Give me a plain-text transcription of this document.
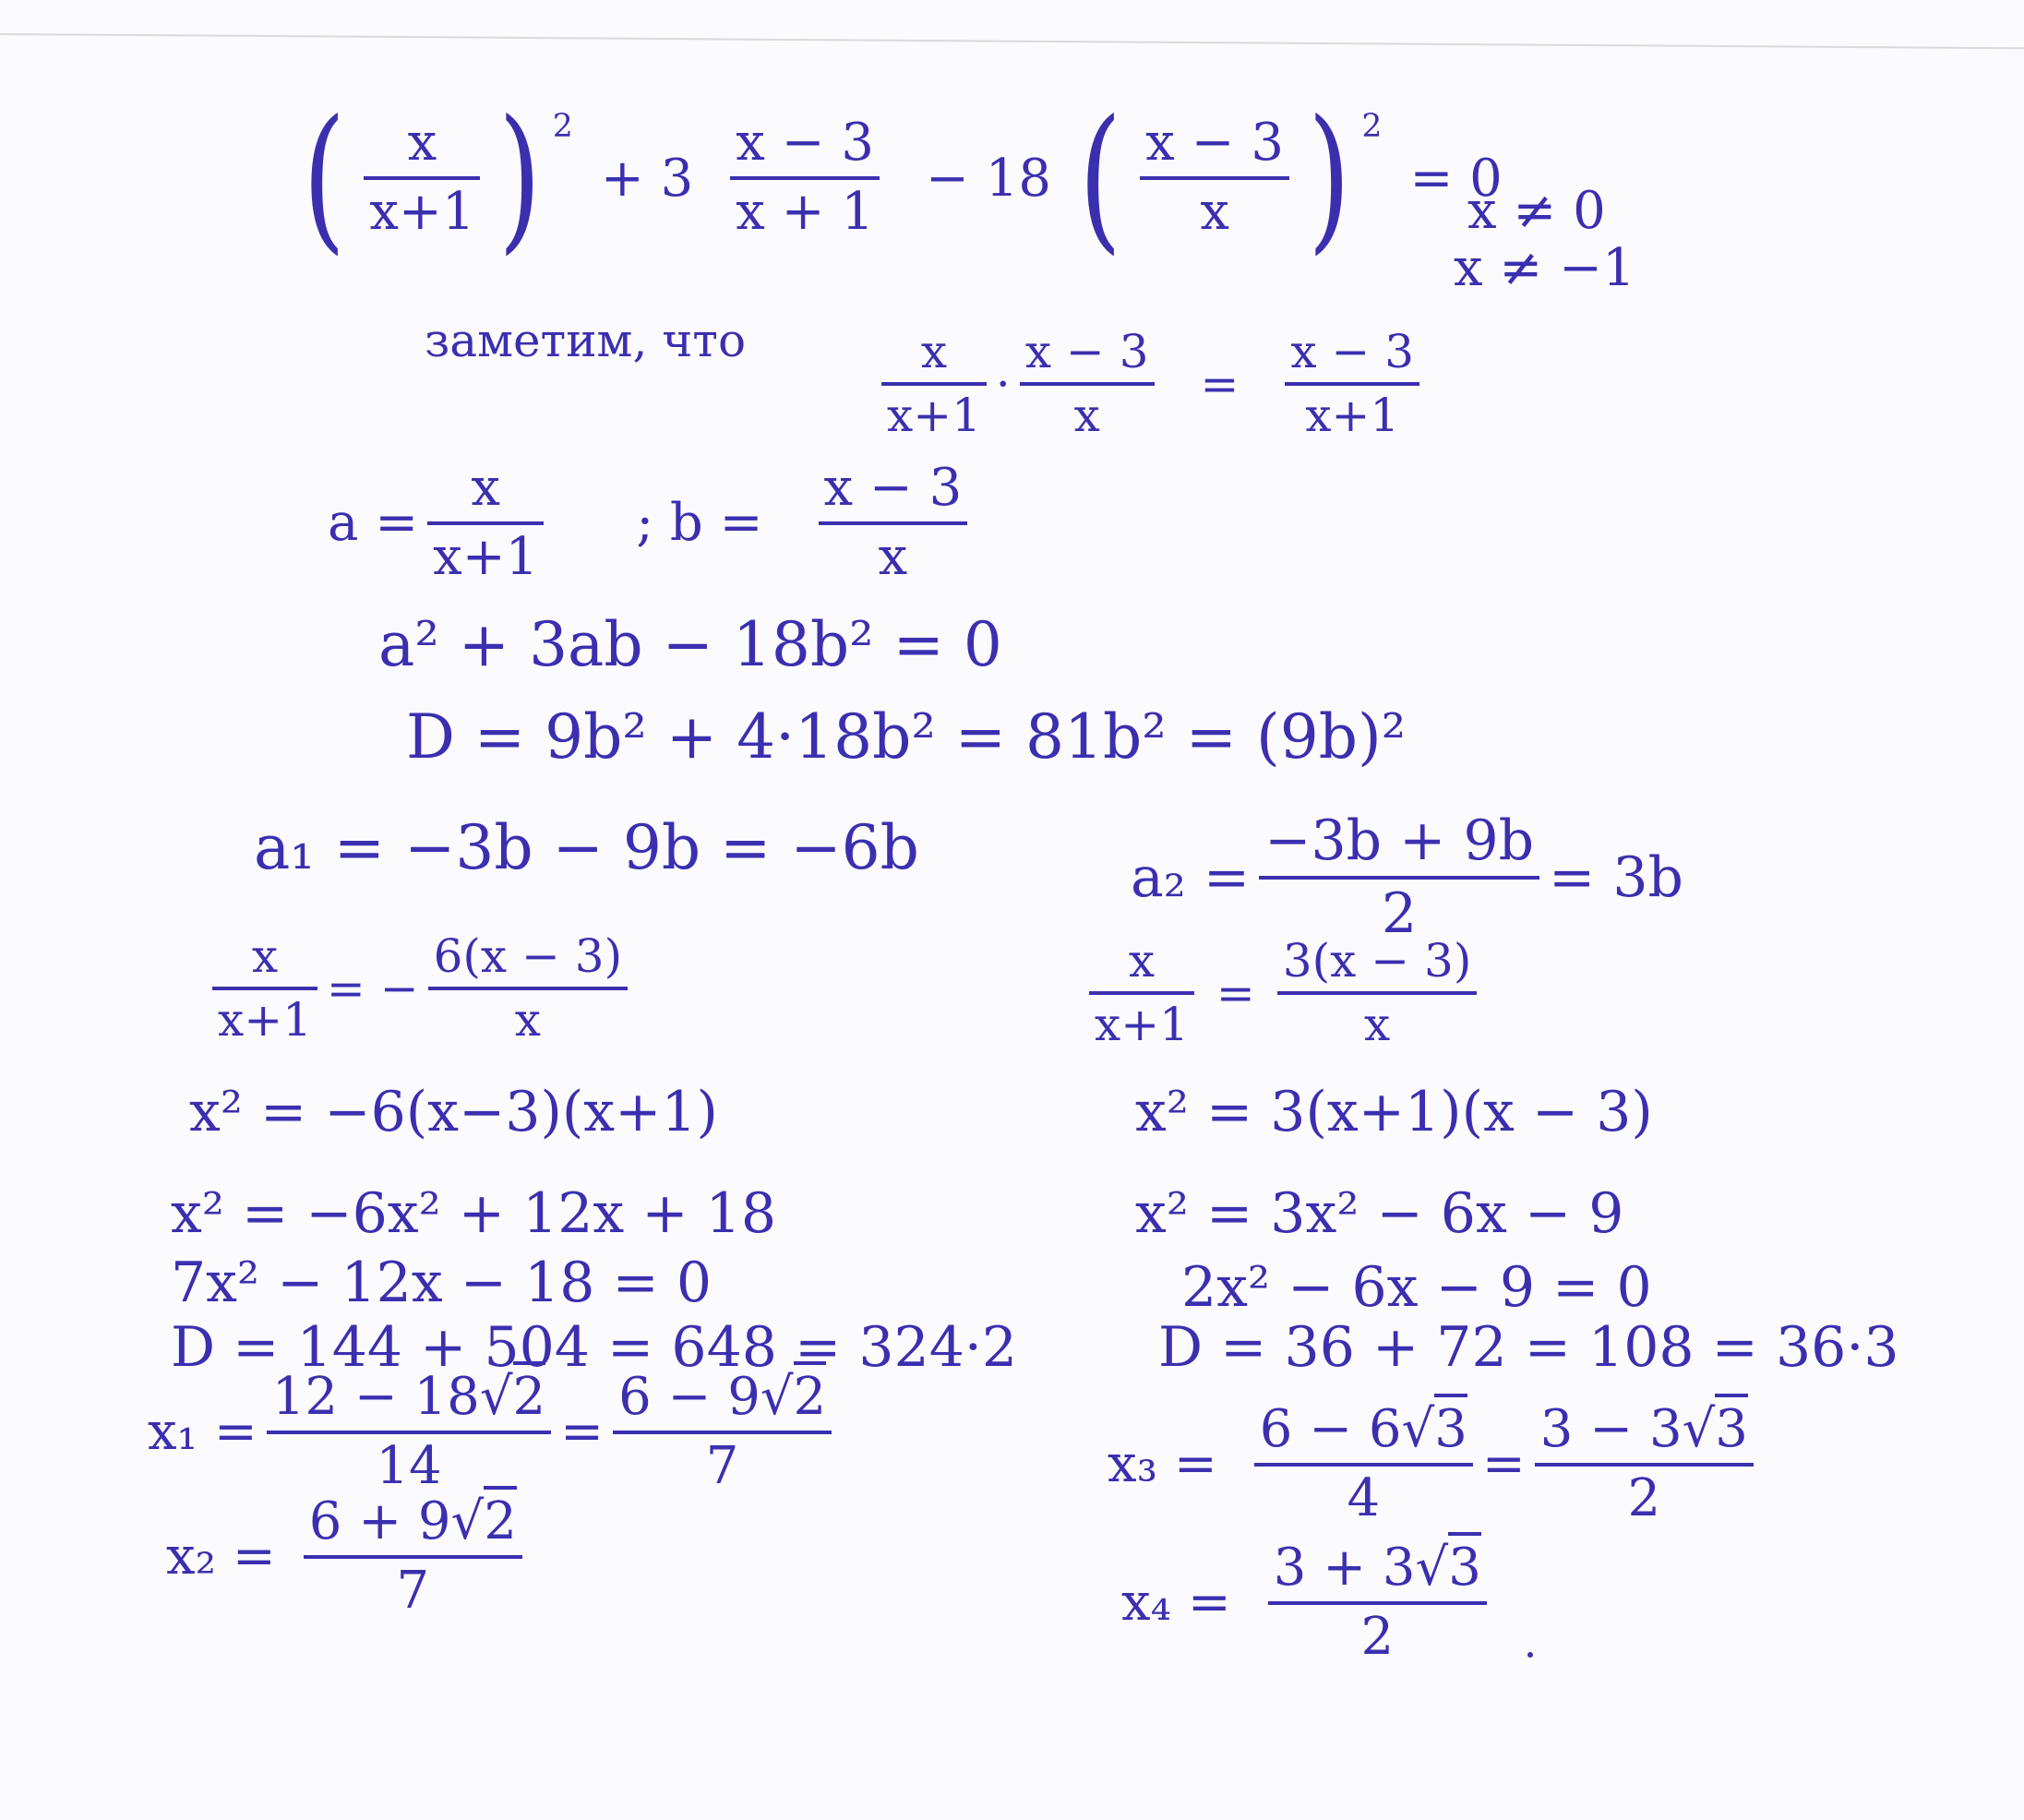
( $\frac{x}{x+1}$ ) 2
+ $3 \frac{x - 3}{x + 1} - 18$ ( $\frac{x - 3}{x}$ ) 2
= 0
x ≠ 0
x ≠ −1
заметим, что	$\frac{x}{x+1} \cdot \frac{x - 3}{x} = \frac{x - 3}{x+1}$
$a = \frac{x}{x+1}$ ; $b = \frac{x - 3}{x}$
a² + 3ab − 18b² = 0
D = 9b² + 4·18b² = 81b² = (9b)²
a₁ = −3b − 9b = −6b
$\frac{x}{x+1}$ = − $\frac{6(x - 3)}{x}$
x² = −6(x−3)(x+1)
x² = −6x² + 12x + 18
7x² − 12x − 18 = 0
D = 144 + 504 = 648 = 324·2
$x_1 = \frac{12 - 18 √ 2}{14} = \frac{6 - 9 √ 2}{7}$
$x_2 = \frac{6 + 9 √ 2}{7}$
$a_2 = \frac{-3b + 9b}{2} = 3b$
$\frac{x}{x+1} = \frac{3(x - 3)}{x}$
x² = 3(x+1)(x − 3)
x² = 3x² − 6x − 9
2x² − 6x − 9 = 0
D = 36 + 72 = 108 = 36·3
$x_3 = \frac{6 - 6 √ 3}{4} = \frac{3 - 3 √ 3}{2}$
$x_4 = \frac{3 + 3 √ 3}{2}$
